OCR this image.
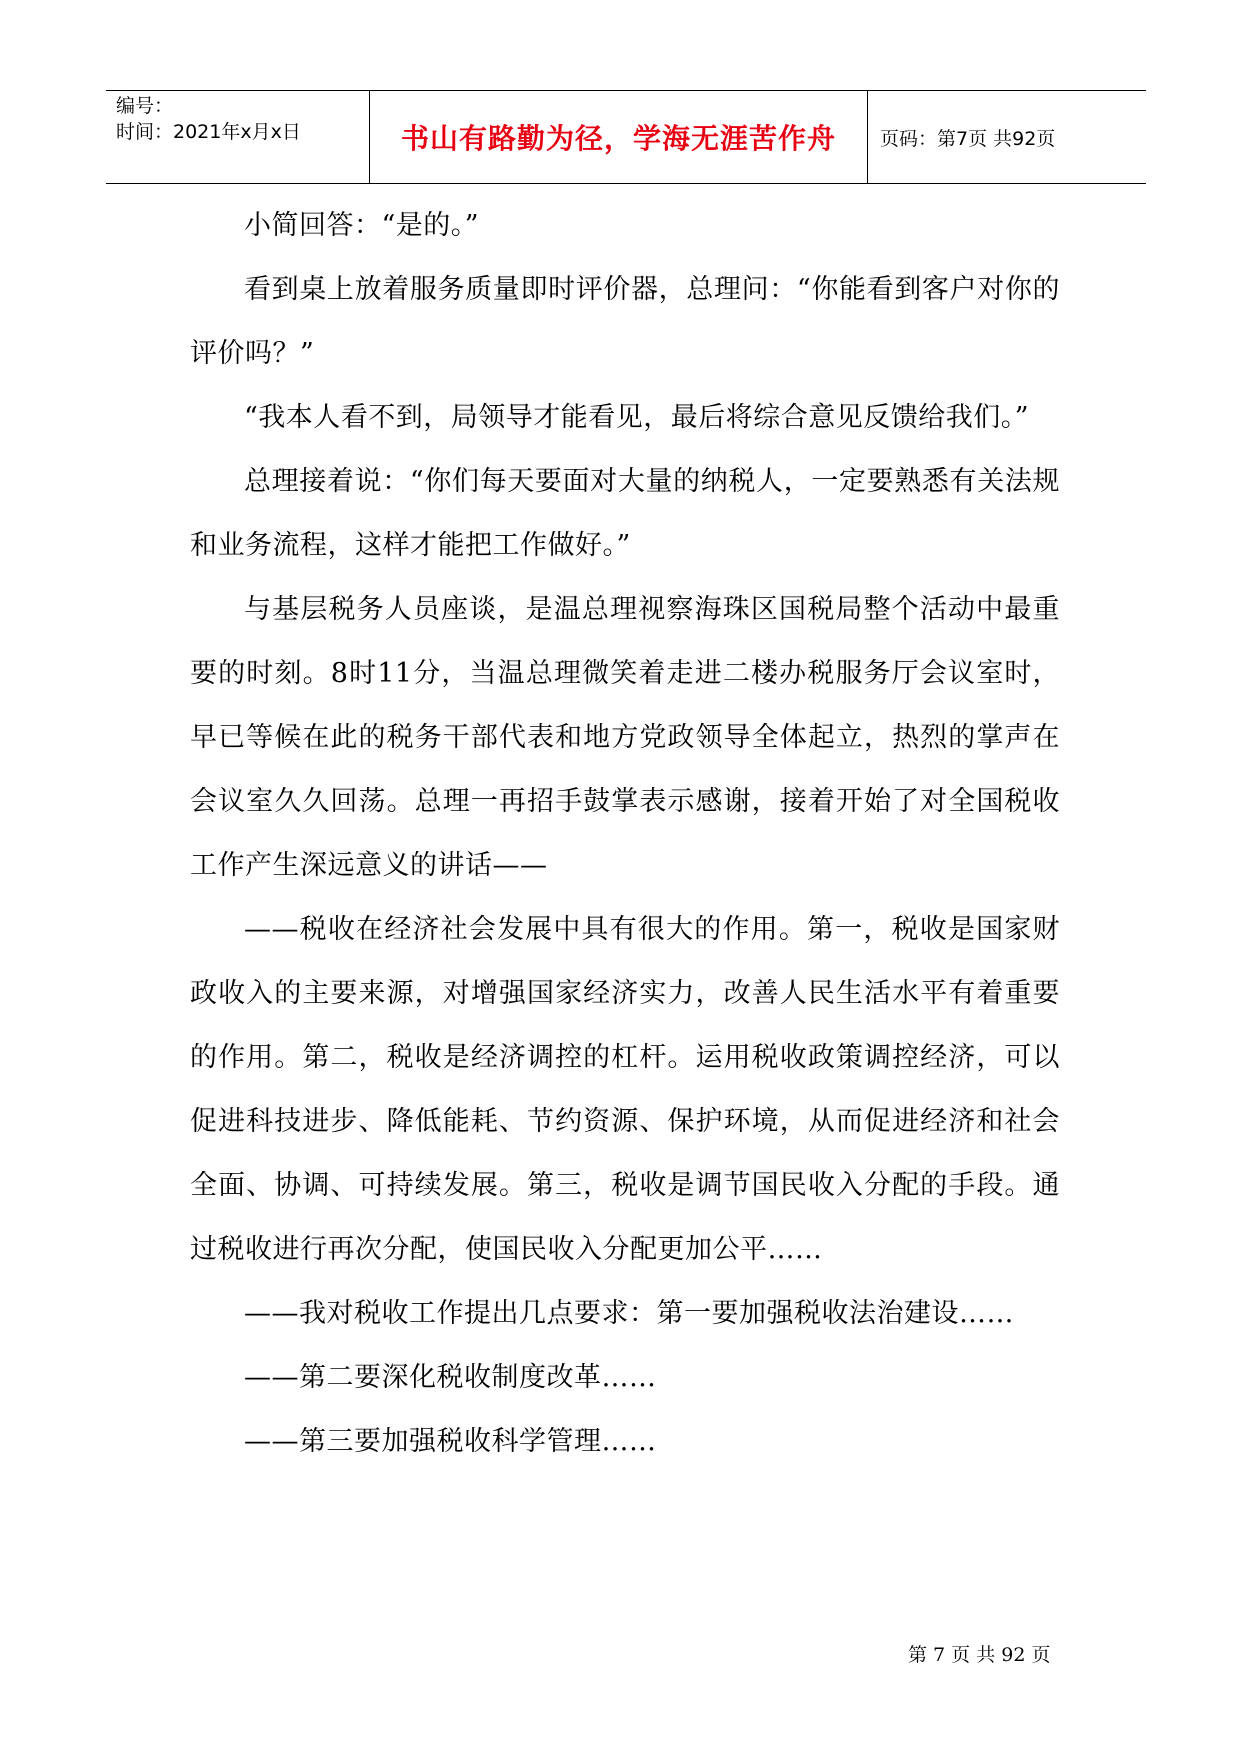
编号：
时间：2021年x月x日	书山有路勤为径，学海无涯苦作舟 页码：第7页 共92页

小简回答：“是的。”

看到桌上放着服务质量即时评价器，总理问：“你能看到客户对你的评价吗？”

“我本人看不到，局领导才能看见，最后将综合意见反馈给我们。”

总理接着说：“你们每天要面对大量的纳税人，一定要熟悉有关法规和业务流程，这样才能把工作做好。”

与基层税务人员座谈，是温总理视察海珠区国税局整个活动中最重要的时刻。8时11分，当温总理微笑着走进二楼办税服务厅会议室时，早已等候在此的税务干部代表和地方党政领导全体起立，热烈的掌声在会议室久久回荡。总理一再招手鼓掌表示感谢，接着开始了对全国税收工作产生深远意义的讲话——

——税收在经济社会发展中具有很大的作用。第一，税收是国家财政收入的主要来源，对增强国家经济实力，改善人民生活水平有着重要的作用。第二，税收是经济调控的杠杆。运用税收政策调控经济，可以促进科技进步、降低能耗、节约资源、保护环境，从而促进经济和社会全面、协调、可持续发展。第三，税收是调节国民收入分配的手段。通过税收进行再次分配，使国民收入分配更加公平……

——我对税收工作提出几点要求：第一要加强税收法治建设……

——第二要深化税收制度改革……

——第三要加强税收科学管理……

第 7 页 共 92 页
